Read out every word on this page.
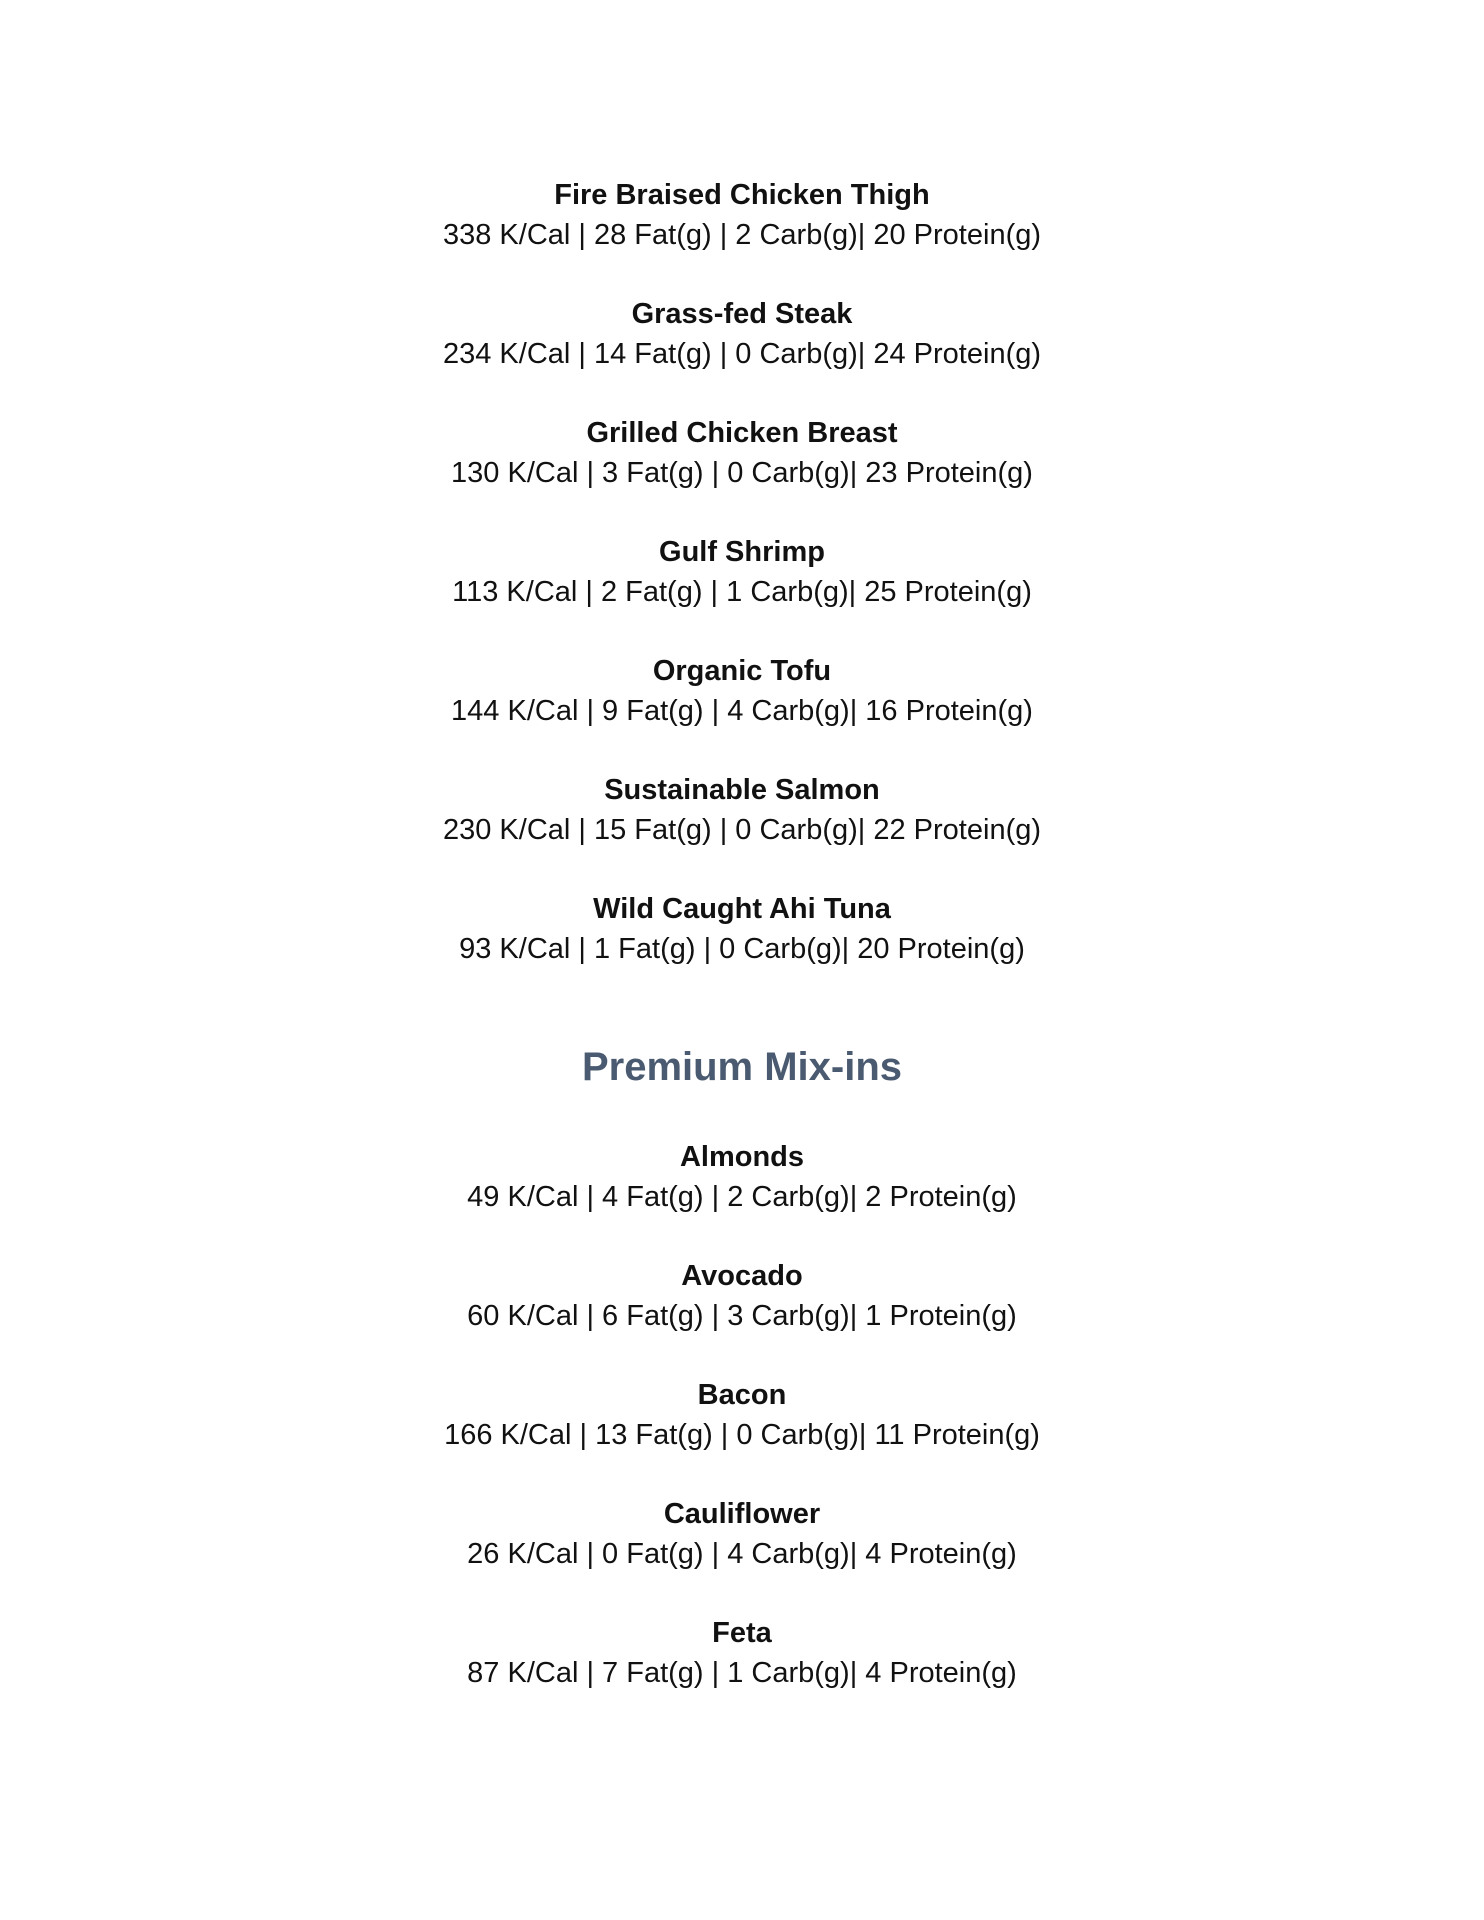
Fire Braised Chicken Thigh

338 K/Cal | 28 Fat(g) | 2 Carb(g)| 20 Protein(g)

Grass-fed Steak

234 K/Cal | 14 Fat(g) | 0 Carb(g)| 24 Protein(g)

Grilled Chicken Breast

130 K/Cal | 3 Fat(g) | 0 Carb(g)| 23 Protein(g)

Gulf Shrimp

113 K/Cal | 2 Fat(g) | 1 Carb(g)| 25 Protein(g)

Organic Tofu

144 K/Cal | 9 Fat(g) | 4 Carb(g)| 16 Protein(g)

Sustainable Salmon

230 K/Cal | 15 Fat(g) | 0 Carb(g)| 22 Protein(g)

Wild Caught Ahi Tuna

93 K/Cal | 1 Fat(g) | 0 Carb(g)| 20 Protein(g)

Premium Mix-ins

Almonds

49 K/Cal | 4 Fat(g) | 2 Carb(g)| 2 Protein(g)

Avocado

60 K/Cal | 6 Fat(g) | 3 Carb(g)| 1 Protein(g)

Bacon

166 K/Cal | 13 Fat(g) | 0 Carb(g)| 11 Protein(g)

Cauliflower

26 K/Cal | 0 Fat(g) | 4 Carb(g)| 4 Protein(g)

Feta

87 K/Cal | 7 Fat(g) | 1 Carb(g)| 4 Protein(g)
